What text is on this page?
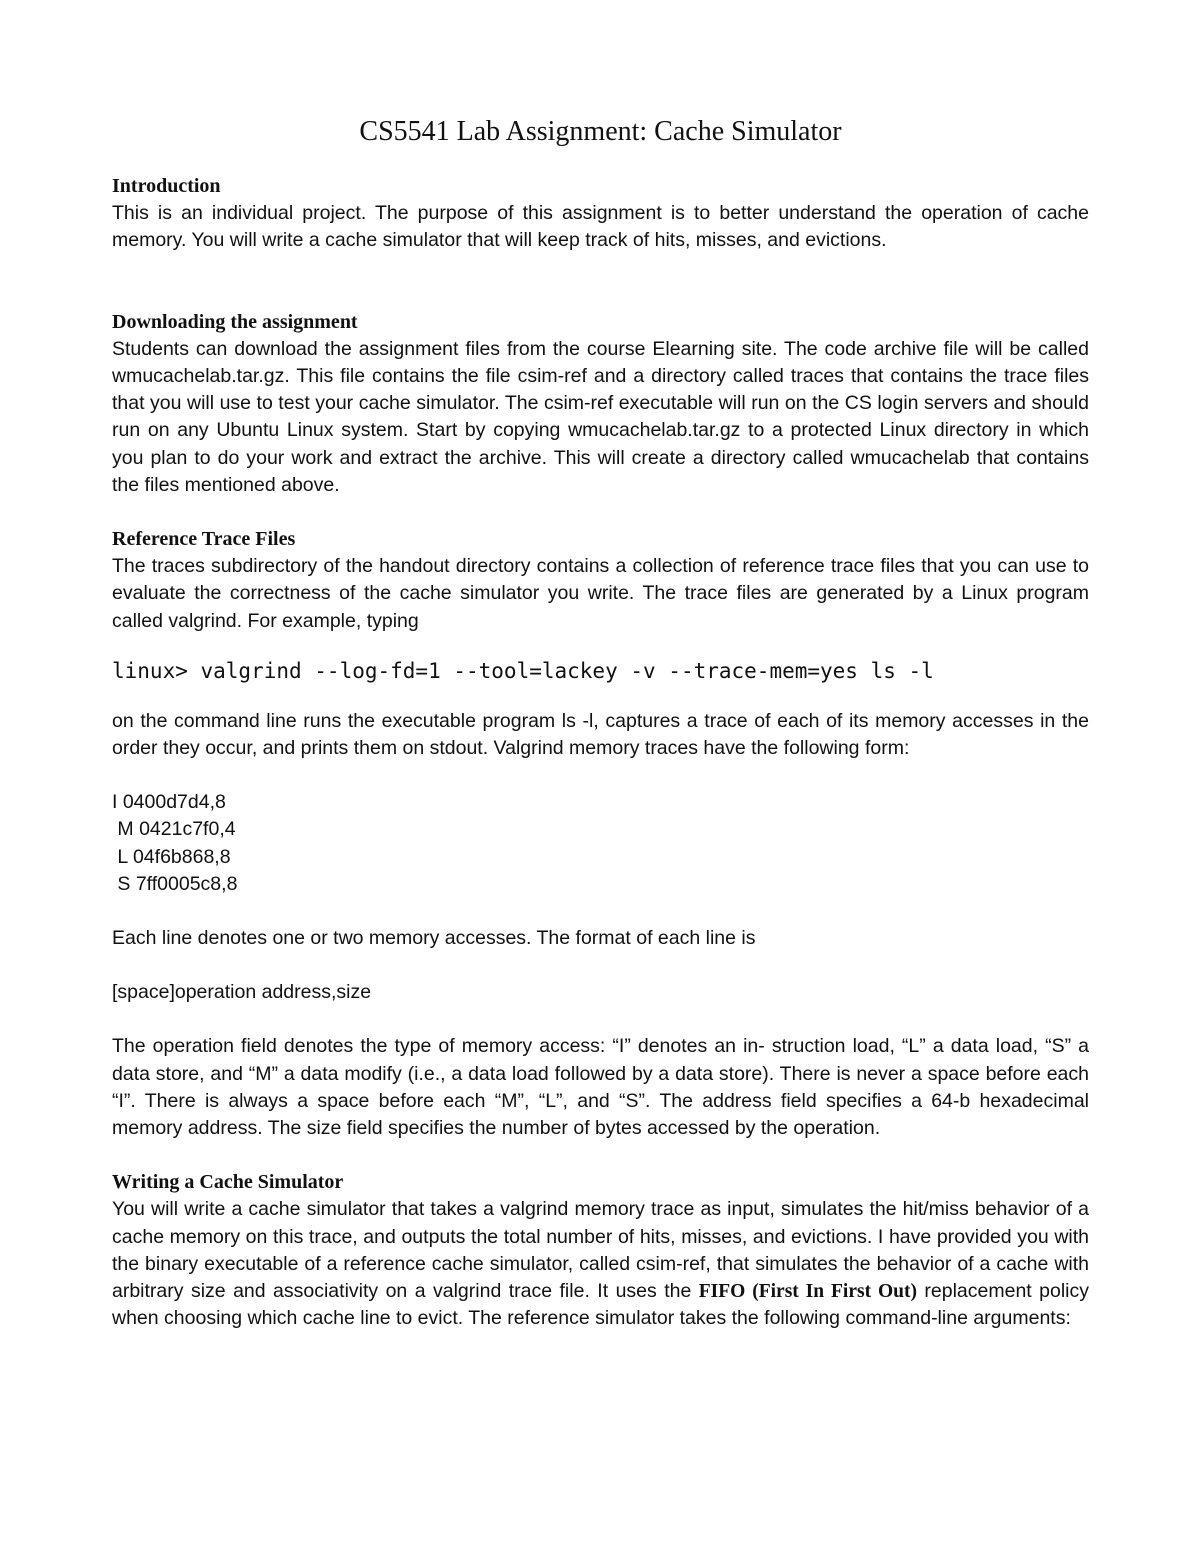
CS5541 Lab Assignment: Cache Simulator
Introduction

This is an individual project. The purpose of this assignment is to better understand the operation of cache memory. You will write a cache simulator that will keep track of hits, misses, and evictions.

Downloading the assignment

Students can download the assignment files from the course Elearning site. The code archive file will be called wmucachelab.tar.gz. This file contains the file csim-ref and a directory called traces that contains the trace files that you will use to test your cache simulator. The csim-ref executable will run on the CS login servers and should run on any Ubuntu Linux system. Start by copying wmucachelab.tar.gz to a protected Linux directory in which you plan to do your work and extract the archive. This will create a directory called wmucachelab that contains the files mentioned above.

Reference Trace Files

The traces subdirectory of the handout directory contains a collection of reference trace files that you can use to evaluate the correctness of the cache simulator you write. The trace files are generated by a Linux program called valgrind. For example, typing

linux> valgrind --log-fd=1 --tool=lackey -v --trace-mem=yes ls -l

on the command line runs the executable program ls -l, captures a trace of each of its memory accesses in the order they occur, and prints them on stdout. Valgrind memory traces have the following form:

I 0400d7d4,8
M 0421c7f0,4
L 04f6b868,8
S 7ff0005c8,8

Each line denotes one or two memory accesses. The format of each line is

[space]operation address,size

The operation field denotes the type of memory access: “I” denotes an in- struction load, “L” a data load, “S” a data store, and “M” a data modify (i.e., a data load followed by a data store). There is never a space before each “I”. There is always a space before each “M”, “L”, and “S”. The address field specifies a 64-b hexadecimal memory address. The size field specifies the number of bytes accessed by the operation.

Writing a Cache Simulator

You will write a cache simulator that takes a valgrind memory trace as input, simulates the hit/miss behavior of a cache memory on this trace, and outputs the total number of hits, misses, and evictions. I have provided you with the binary executable of a reference cache simulator, called csim-ref, that simulates the behavior of a cache with arbitrary size and associativity on a valgrind trace file. It uses the FIFO (First In First Out) replacement policy when choosing which cache line to evict. The reference simulator takes the following command-line arguments:
